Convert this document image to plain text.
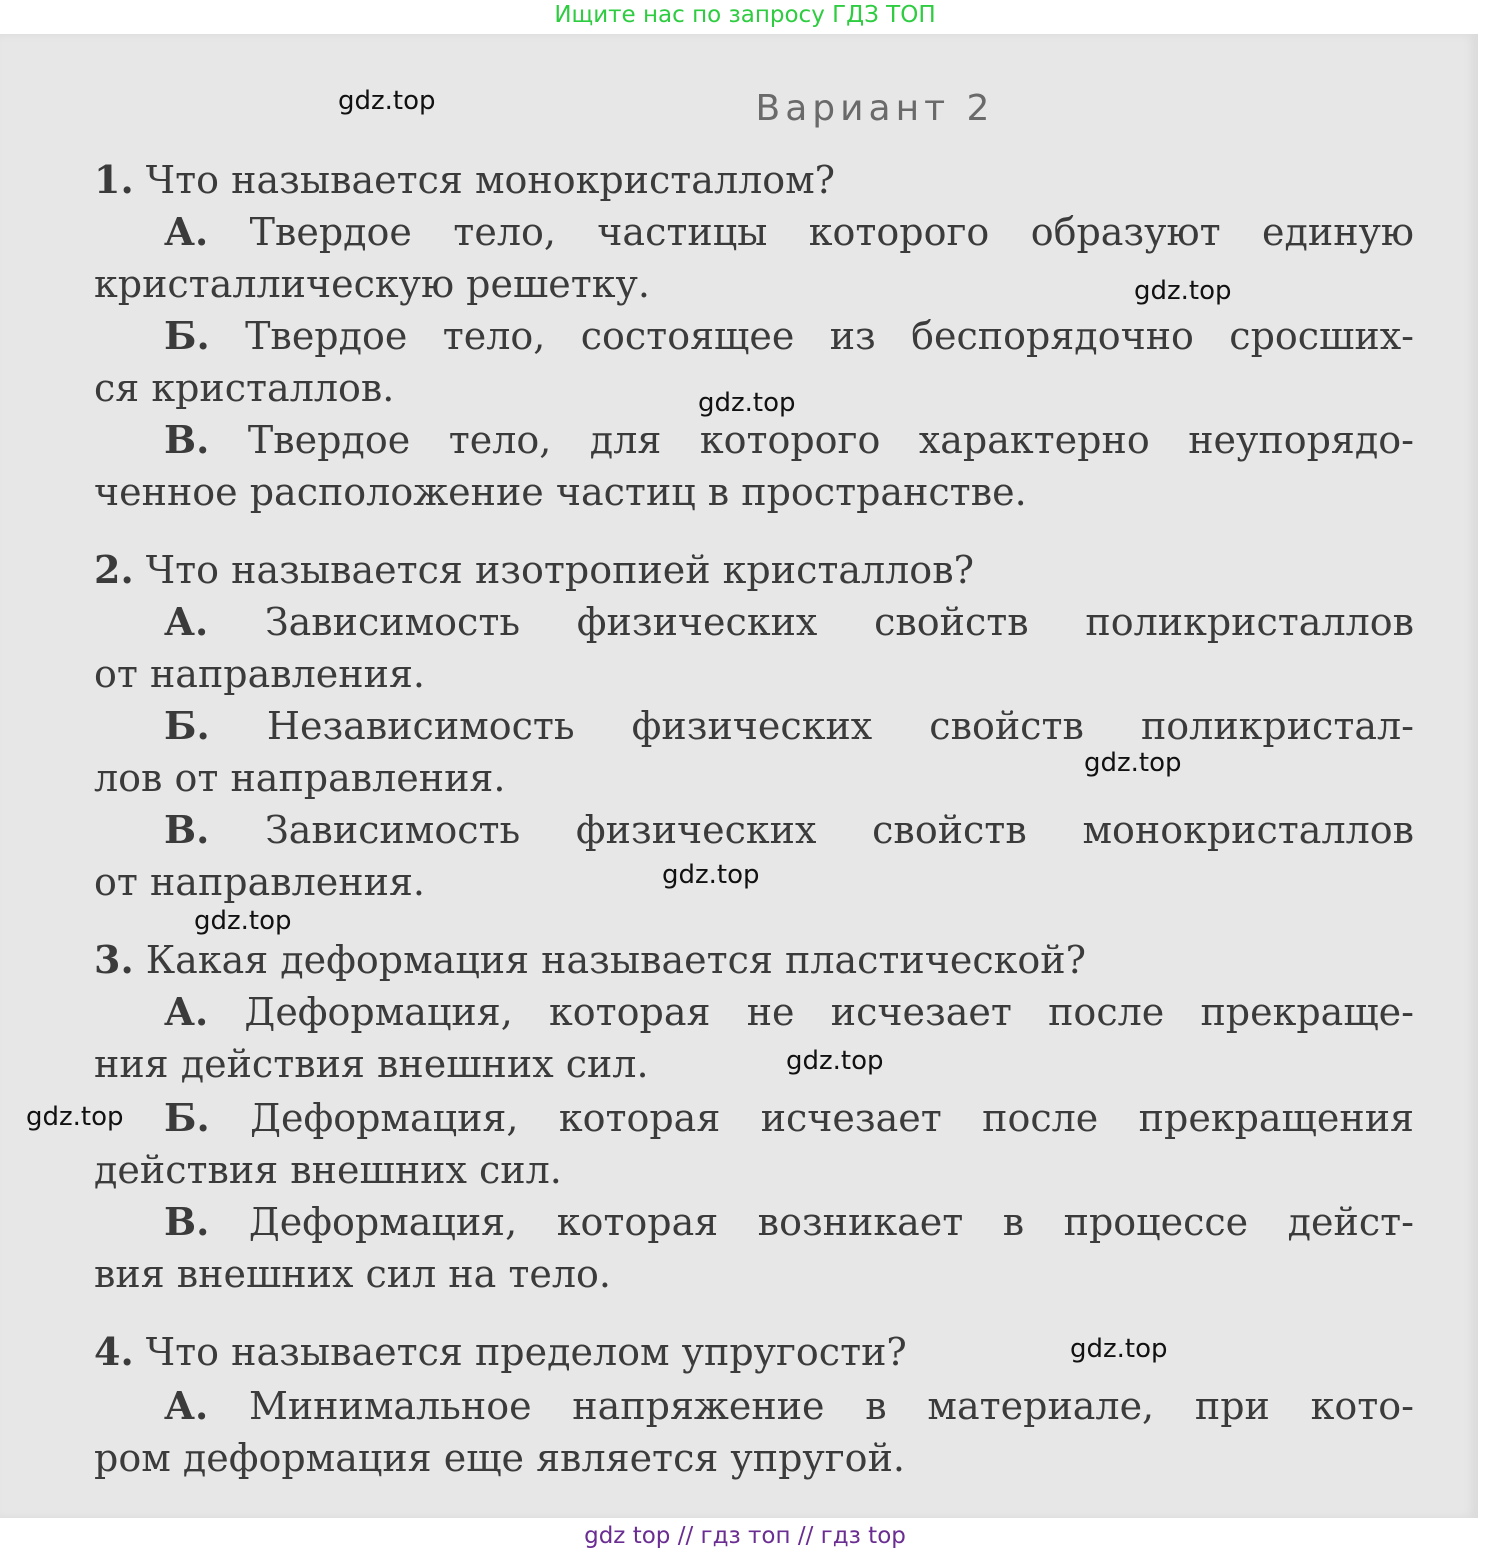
Ищите нас по запросу ГДЗ ТОП
Вариант 2

1. Что называется монокристаллом?

А. Твердое тело, частицы которого образуют единую

кристаллическую решетку.

Б. Твердое тело, состоящее из беспорядочно сросших-

ся кристаллов.

В. Твердое тело, для которого характерно неупорядо-

ченное расположение частиц в пространстве.

2. Что называется изотропией кристаллов?

А. Зависимость физических свойств поликристаллов

от направления.

Б. Независимость физических свойств поликристал-

лов от направления.

В. Зависимость физических свойств монокристаллов

от направления.

3. Какая деформация называется пластической?

А. Деформация, которая не исчезает после прекраще-

ния действия внешних сил.

Б. Деформация, которая исчезает после прекращения

действия внешних сил.

В. Деформация, которая возникает в процессе дейст-

вия внешних сил на тело.

4. Что называется пределом упругости?

А. Минимальное напряжение в материале, при кото-

ром деформация еще является упругой.

gdz.top
gdz.top
gdz.top
gdz.top
gdz.top
gdz.top
gdz.top
gdz.top
gdz.top
gdz top // гдз топ // гдз top
